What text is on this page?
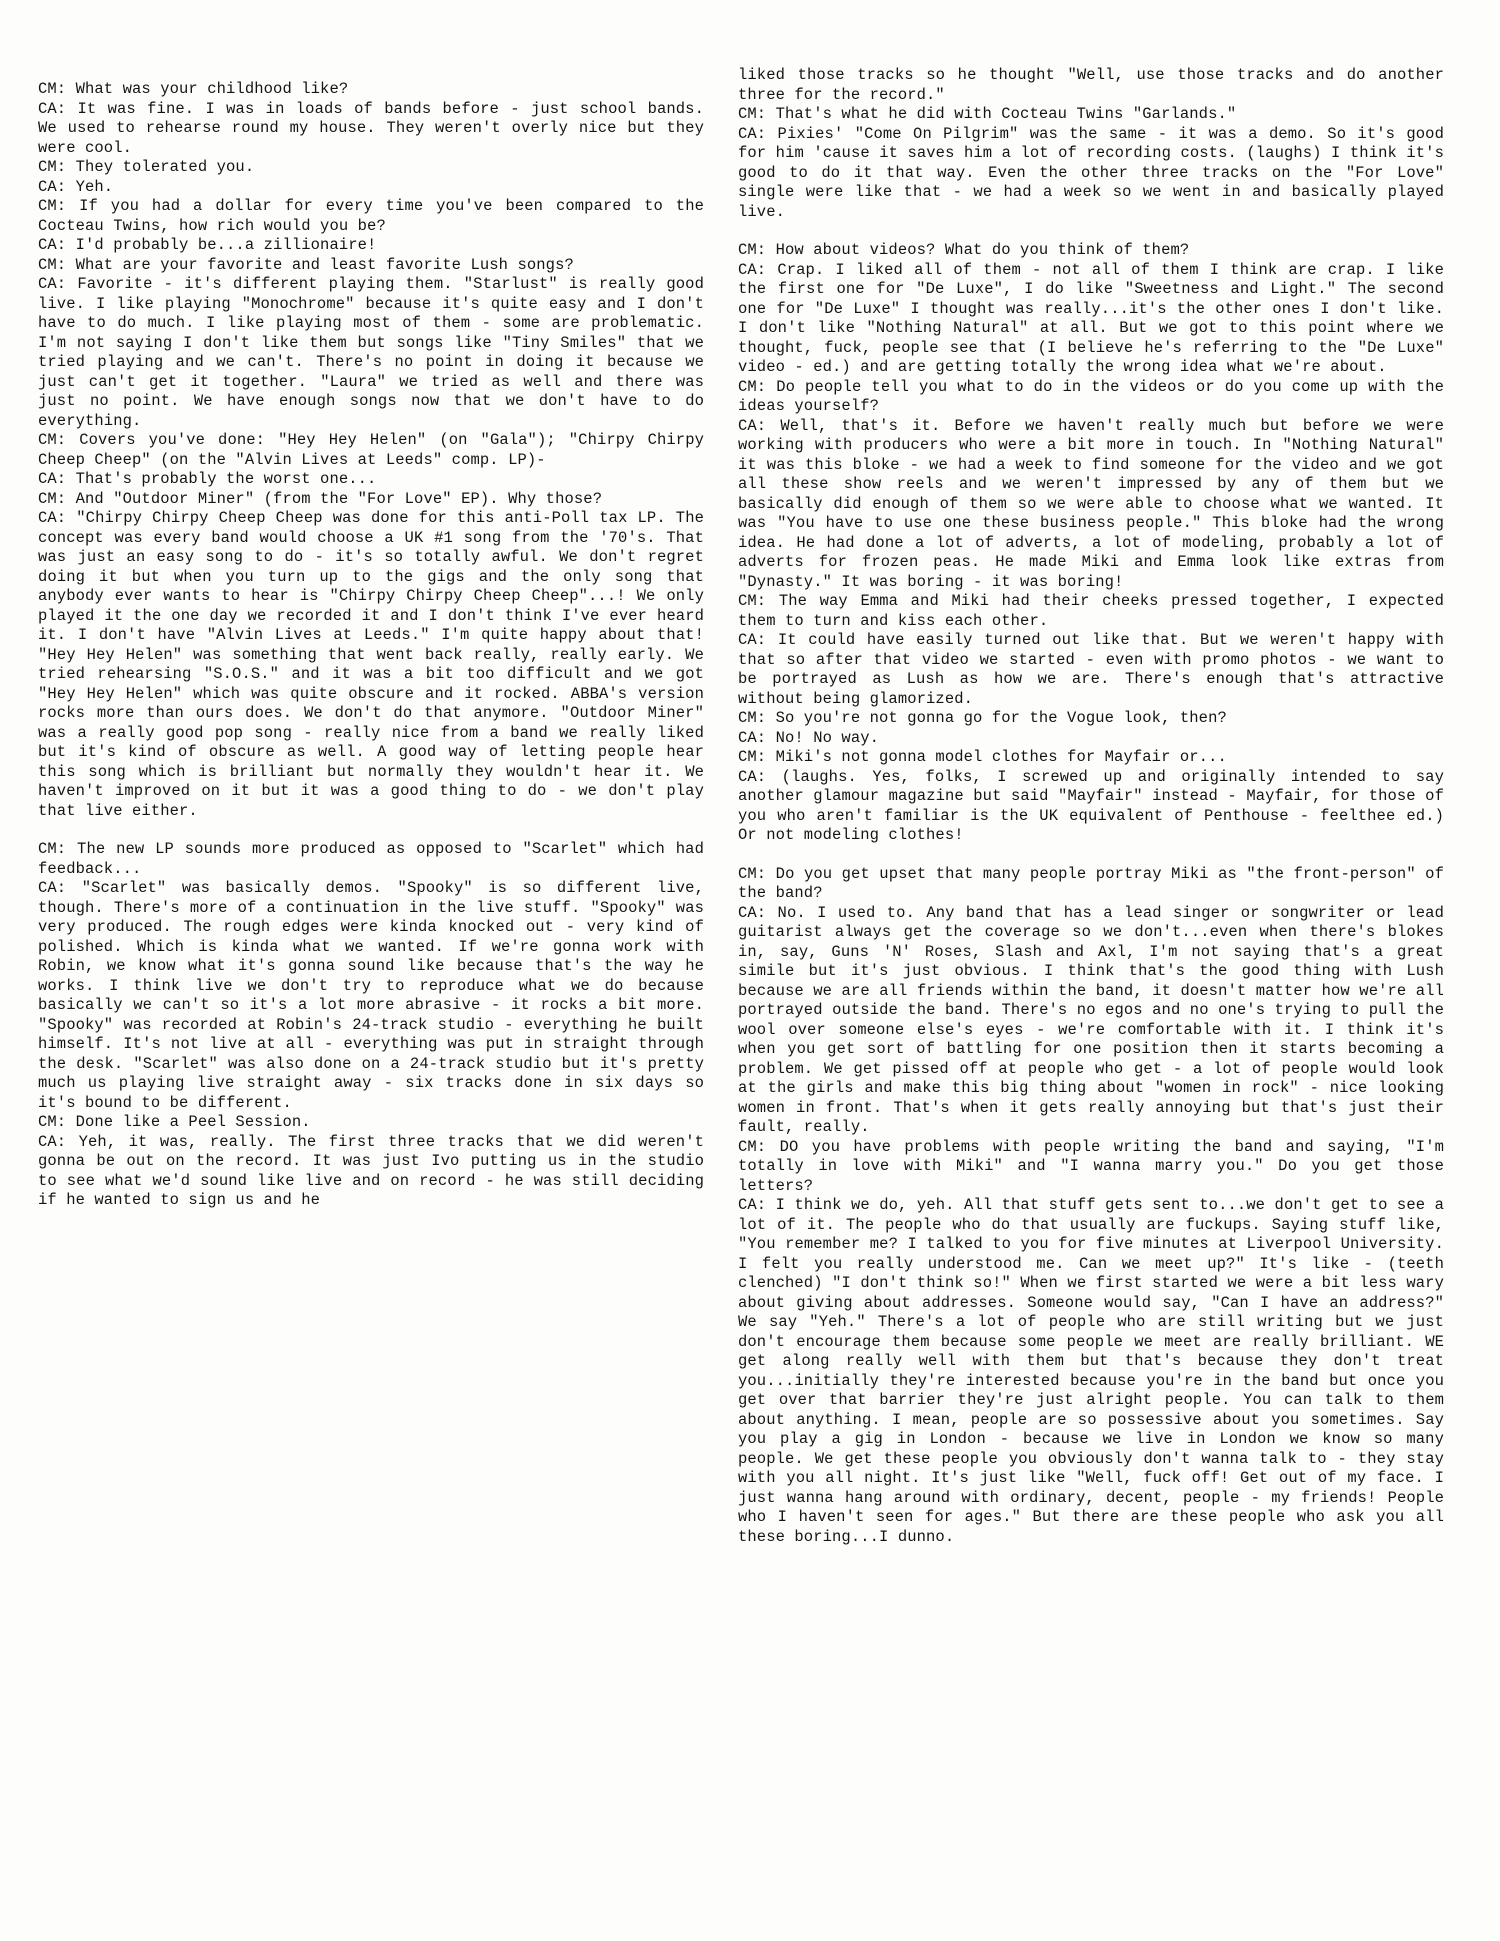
CM: What was your childhood like?
CA: It was fine. I was in loads of bands before - just school bands. We used to rehearse round my house. They weren't overly nice but they were cool.
CM: They tolerated you.
CA: Yeh.
CM: If you had a dollar for every time you've been compared to the Cocteau Twins, how rich would you be?
CA: I'd probably be...a zillionaire!
CM: What are your favorite and least favorite Lush songs?
CA: Favorite - it's different playing them. "Starlust" is really good live. I like playing "Monochrome" because it's quite easy and I don't have to do much. I like playing most of them - some are problematic. I'm not saying I don't like them but songs like "Tiny Smiles" that we tried playing and we can't. There's no point in doing it because we just can't get it together. "Laura" we tried as well and there was just no point. We have enough songs now that we don't have to do everything.
CM: Covers you've done: "Hey Hey Helen" (on "Gala"); "Chirpy Chirpy Cheep Cheep" (on the "Alvin Lives at Leeds" comp. LP)-
CA: That's probably the worst one...
CM: And "Outdoor Miner" (from the "For Love" EP). Why those?
CA: "Chirpy Chirpy Cheep Cheep was done for this anti-Poll tax LP. The concept was every band would choose a UK #1 song from the '70's. That was just an easy song to do - it's so totally awful. We don't regret doing it but when you turn up to the gigs and the only song that anybody ever wants to hear is "Chirpy Chirpy Cheep Cheep"...! We only played it the one day we recorded it and I don't think I've ever heard it. I don't have "Alvin Lives at Leeds." I'm quite happy about that! "Hey Hey Helen" was something that went back really, really early. We tried rehearsing "S.O.S." and it was a bit too difficult and we got "Hey Hey Helen" which was quite obscure and it rocked. ABBA's version rocks more than ours does. We don't do that anymore. "Outdoor Miner" was a really good pop song - really nice from a band we really liked but it's kind of obscure as well. A good way of letting people hear this song which is brilliant but normally they wouldn't hear it. We haven't improved on it but it was a good thing to do - we don't play that live either.
CM: The new LP sounds more produced as opposed to "Scarlet" which had feedback...
CA: "Scarlet" was basically demos. "Spooky" is so different live, though. There's more of a continuation in the live stuff. "Spooky" was very produced. The rough edges were kinda knocked out - very kind of polished. Which is kinda what we wanted. If we're gonna work with Robin, we know what it's gonna sound like because that's the way he works. I think live we don't try to reproduce what we do because basically we can't so it's a lot more abrasive - it rocks a bit more. "Spooky" was recorded at Robin's 24-track studio - everything he built himself. It's not live at all - everything was put in straight through the desk. "Scarlet" was also done on a 24-track studio but it's pretty much us playing live straight away - six tracks done in six days so it's bound to be different.
CM: Done like a Peel Session.
CA: Yeh, it was, really. The first three tracks that we did weren't gonna be out on the record. It was just Ivo putting us in the studio to see what we'd sound like live and on record - he was still deciding if he wanted to sign us and he
liked those tracks so he thought "Well, use those tracks and do another three for the record."
CM: That's what he did with Cocteau Twins "Garlands."
CA: Pixies' "Come On Pilgrim" was the same - it was a demo. So it's good for him 'cause it saves him a lot of recording costs. (laughs) I think it's good to do it that way. Even the other three tracks on the "For Love" single were like that - we had a week so we went in and basically played live.
CM: How about videos? What do you think of them?
CA: Crap. I liked all of them - not all of them I think are crap. I like the first one for "De Luxe", I do like "Sweetness and Light." The second one for "De Luxe" I thought was really...it's the other ones I don't like. I don't like "Nothing Natural" at all. But we got to this point where we thought, fuck, people see that (I believe he's referring to the "De Luxe" video - ed.) and are getting totally the wrong idea what we're about.
CM: Do people tell you what to do in the videos or do you come up with the ideas yourself?
CA: Well, that's it. Before we haven't really much but before we were working with producers who were a bit more in touch. In "Nothing Natural" it was this bloke - we had a week to find someone for the video and we got all these show reels and we weren't impressed by any of them but we basically did enough of them so we were able to choose what we wanted. It was "You have to use one these business people." This bloke had the wrong idea. He had done a lot of adverts, a lot of modeling, probably a lot of adverts for frozen peas. He made Miki and Emma look like extras from "Dynasty." It was boring - it was boring!
CM: The way Emma and Miki had their cheeks pressed together, I expected them to turn and kiss each other.
CA: It could have easily turned out like that. But we weren't happy with that so after that video we started - even with promo photos - we want to be portrayed as Lush as how we are. There's enough that's attractive without being glamorized.
CM: So you're not gonna go for the Vogue look, then?
CA: No! No way.
CM: Miki's not gonna model clothes for Mayfair or...
CA: (laughs. Yes, folks, I screwed up and originally intended to say another glamour magazine but said "Mayfair" instead - Mayfair, for those of you who aren't familiar is the UK equivalent of Penthouse - feelthee ed.) Or not modeling clothes!
CM: Do you get upset that many people portray Miki as "the front-person" of the band?
CA: No. I used to. Any band that has a lead singer or songwriter or lead guitarist always get the coverage so we don't...even when there's blokes in, say, Guns 'N' Roses, Slash and Axl, I'm not saying that's a great simile but it's just obvious. I think that's the good thing with Lush because we are all friends within the band, it doesn't matter how we're all portrayed outside the band. There's no egos and no one's trying to pull the wool over someone else's eyes - we're comfortable with it. I think it's when you get sort of battling for one position then it starts becoming a problem. We get pissed off at people who get - a lot of people would look at the girls and make this big thing about "women in rock" - nice looking women in front. That's when it gets really annoying but that's just their fault, really.
CM: DO you have problems with people writing the band and saying, "I'm totally in love with Miki" and "I wanna marry you." Do you get those letters?
CA: I think we do, yeh. All that stuff gets sent to...we don't get to see a lot of it. The people who do that usually are fuckups. Saying stuff like, "You remember me? I talked to you for five minutes at Liverpool University. I felt you really understood me. Can we meet up?" It's like - (teeth clenched) "I don't think so!" When we first started we were a bit less wary about giving about addresses. Someone would say, "Can I have an address?" We say "Yeh." There's a lot of people who are still writing but we just don't encourage them because some people we meet are really brilliant. WE get along really well with them but that's because they don't treat you...initially they're interested because you're in the band but once you get over that barrier they're just alright people. You can talk to them about anything. I mean, people are so possessive about you sometimes. Say you play a gig in London - because we live in London we know so many people. We get these people you obviously don't wanna talk to - they stay with you all night. It's just like "Well, fuck off! Get out of my face. I just wanna hang around with ordinary, decent, people - my friends! People who I haven't seen for ages." But there are these people who ask you all these boring...I dunno.
